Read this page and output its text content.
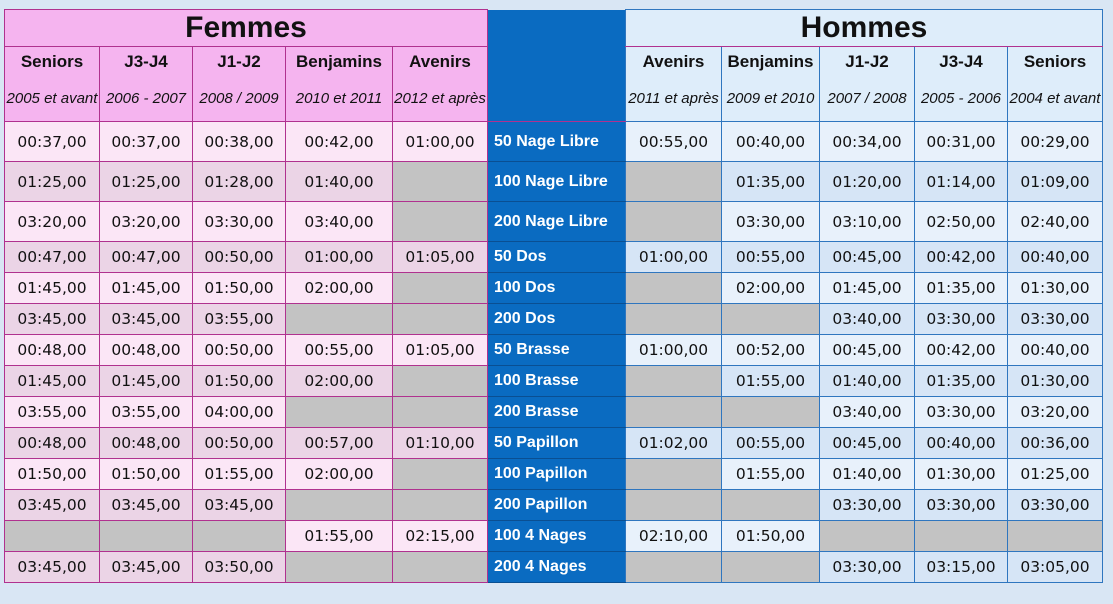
Femmes						Hommes				
Seniors	J3-J4	J1-J2	Benjamins	Avenirs		Avenirs	Benjamins	J1-J2	J3-J4	Seniors
2005 et avant	2006 - 2007	2008 / 2009	2010 et 2011	2012 et après		2011 et après	2009 et 2010	2007 / 2008	2005 - 2006	2004 et avant
00:37,00	00:37,00	00:38,00	00:42,00	01:00,00	50 Nage Libre	00:55,00	00:40,00	00:34,00	00:31,00	00:29,00
01:25,00	01:25,00	01:28,00	01:40,00		100 Nage Libre		01:35,00	01:20,00	01:14,00	01:09,00
03:20,00	03:20,00	03:30,00	03:40,00		200 Nage Libre		03:30,00	03:10,00	02:50,00	02:40,00
00:47,00	00:47,00	00:50,00	01:00,00	01:05,00	50 Dos	01:00,00	00:55,00	00:45,00	00:42,00	00:40,00
01:45,00	01:45,00	01:50,00	02:00,00		100 Dos		02:00,00	01:45,00	01:35,00	01:30,00
03:45,00	03:45,00	03:55,00			200 Dos			03:40,00	03:30,00	03:30,00
00:48,00	00:48,00	00:50,00	00:55,00	01:05,00	50 Brasse	01:00,00	00:52,00	00:45,00	00:42,00	00:40,00
01:45,00	01:45,00	01:50,00	02:00,00		100 Brasse		01:55,00	01:40,00	01:35,00	01:30,00
03:55,00	03:55,00	04:00,00			200 Brasse			03:40,00	03:30,00	03:20,00
00:48,00	00:48,00	00:50,00	00:57,00	01:10,00	50 Papillon	01:02,00	00:55,00	00:45,00	00:40,00	00:36,00
01:50,00	01:50,00	01:55,00	02:00,00		100 Papillon		01:55,00	01:40,00	01:30,00	01:25,00
03:45,00	03:45,00	03:45,00			200 Papillon			03:30,00	03:30,00	03:30,00
			01:55,00	02:15,00	100 4 Nages	02:10,00	01:50,00			
03:45,00	03:45,00	03:50,00			200 4 Nages			03:30,00	03:15,00	03:05,00
